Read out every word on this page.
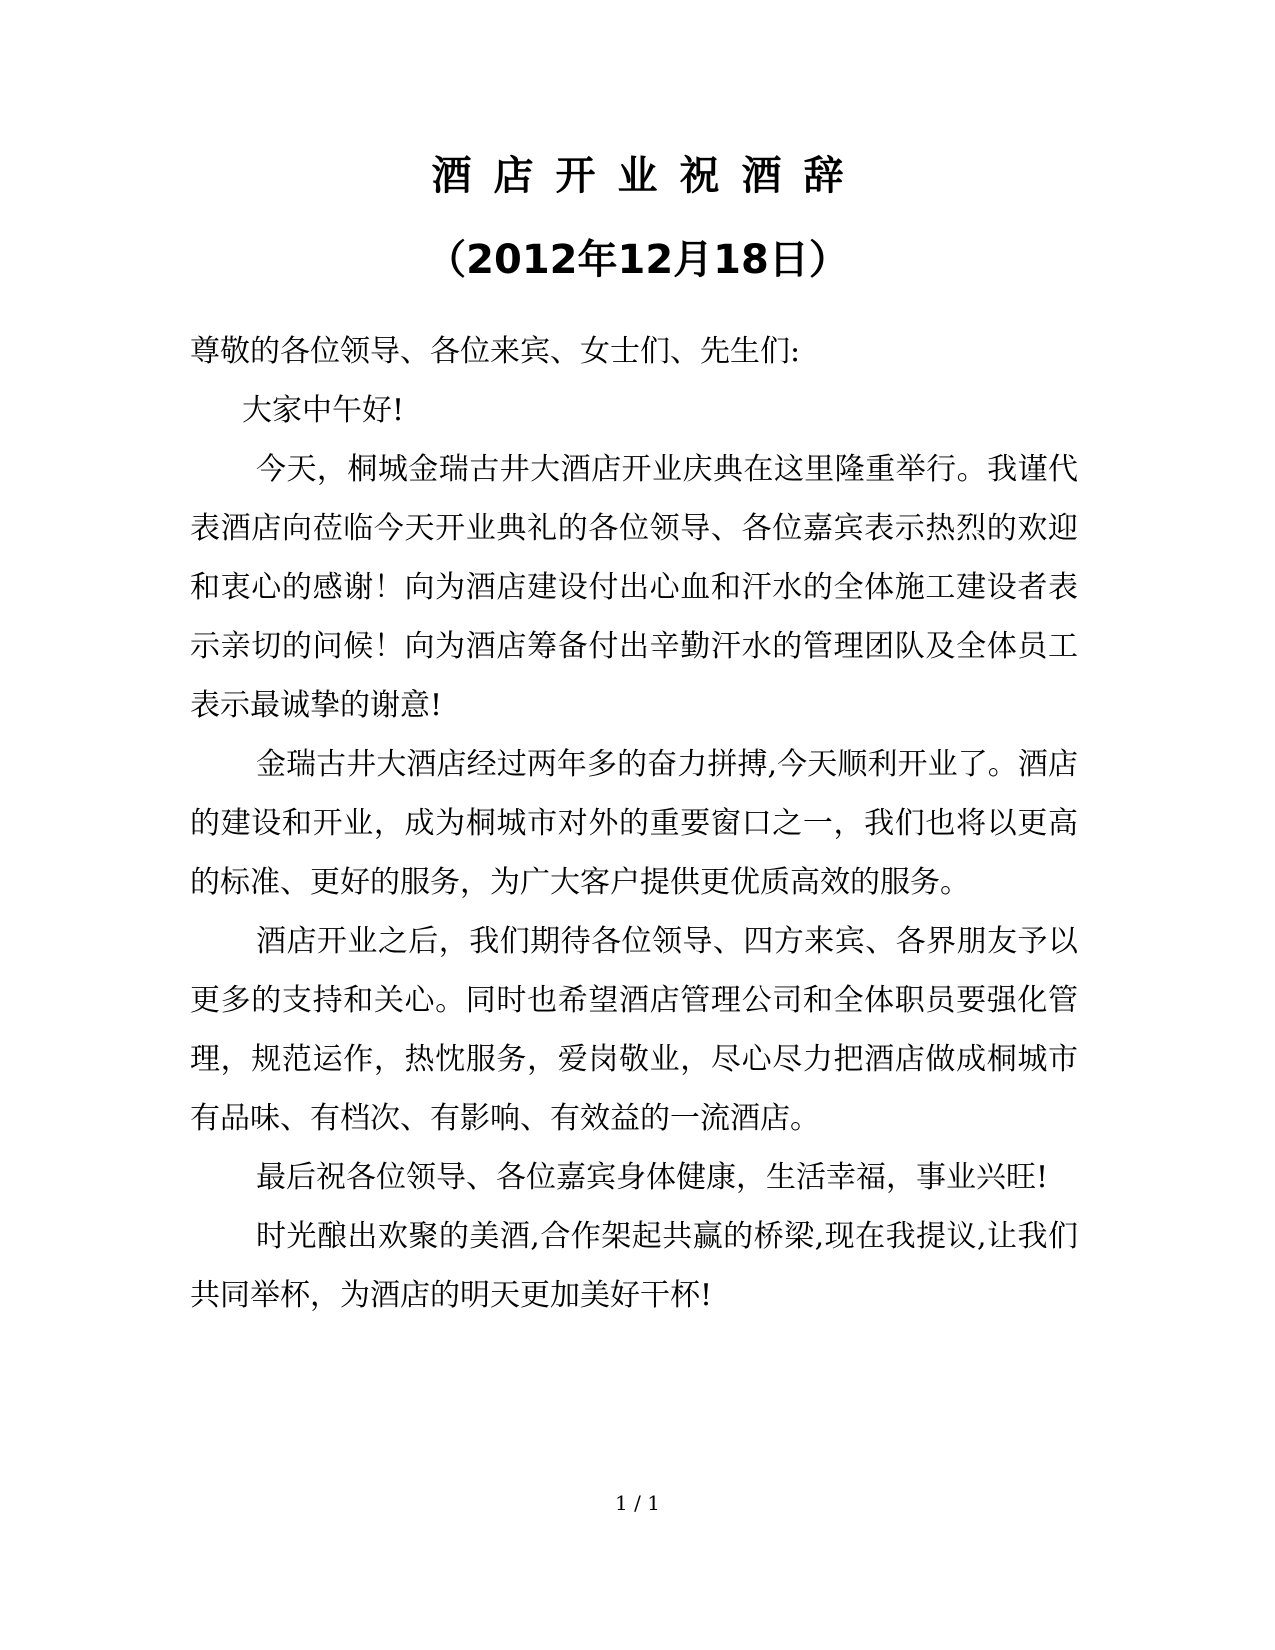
酒店开业祝酒辞
（2012年12月18日）

尊敬的各位领导、各位来宾、女士们、先生们:

大家中午好!

今天，桐城金瑞古井大酒店开业庆典在这里隆重举行。我谨代表酒店向莅临今天开业典礼的各位领导、各位嘉宾表示热烈的欢迎和衷心的感谢！向为酒店建设付出心血和汗水的全体施工建设者表示亲切的问候！向为酒店筹备付出辛勤汗水的管理团队及全体员工表示最诚挚的谢意!

金瑞古井大酒店经过两年多的奋力拼搏,今天顺利开业了。酒店的建设和开业，成为桐城市对外的重要窗口之一，我们也将以更高的标准、更好的服务，为广大客户提供更优质高效的服务。

酒店开业之后，我们期待各位领导、四方来宾、各界朋友予以更多的支持和关心。同时也希望酒店管理公司和全体职员要强化管理，规范运作，热忱服务，爱岗敬业，尽心尽力把酒店做成桐城市有品味、有档次、有影响、有效益的一流酒店。

最后祝各位领导、各位嘉宾身体健康，生活幸福，事业兴旺!

时光酿出欢聚的美酒,合作架起共赢的桥梁,现在我提议,让我们共同举杯，为酒店的明天更加美好干杯!

1 / 1
